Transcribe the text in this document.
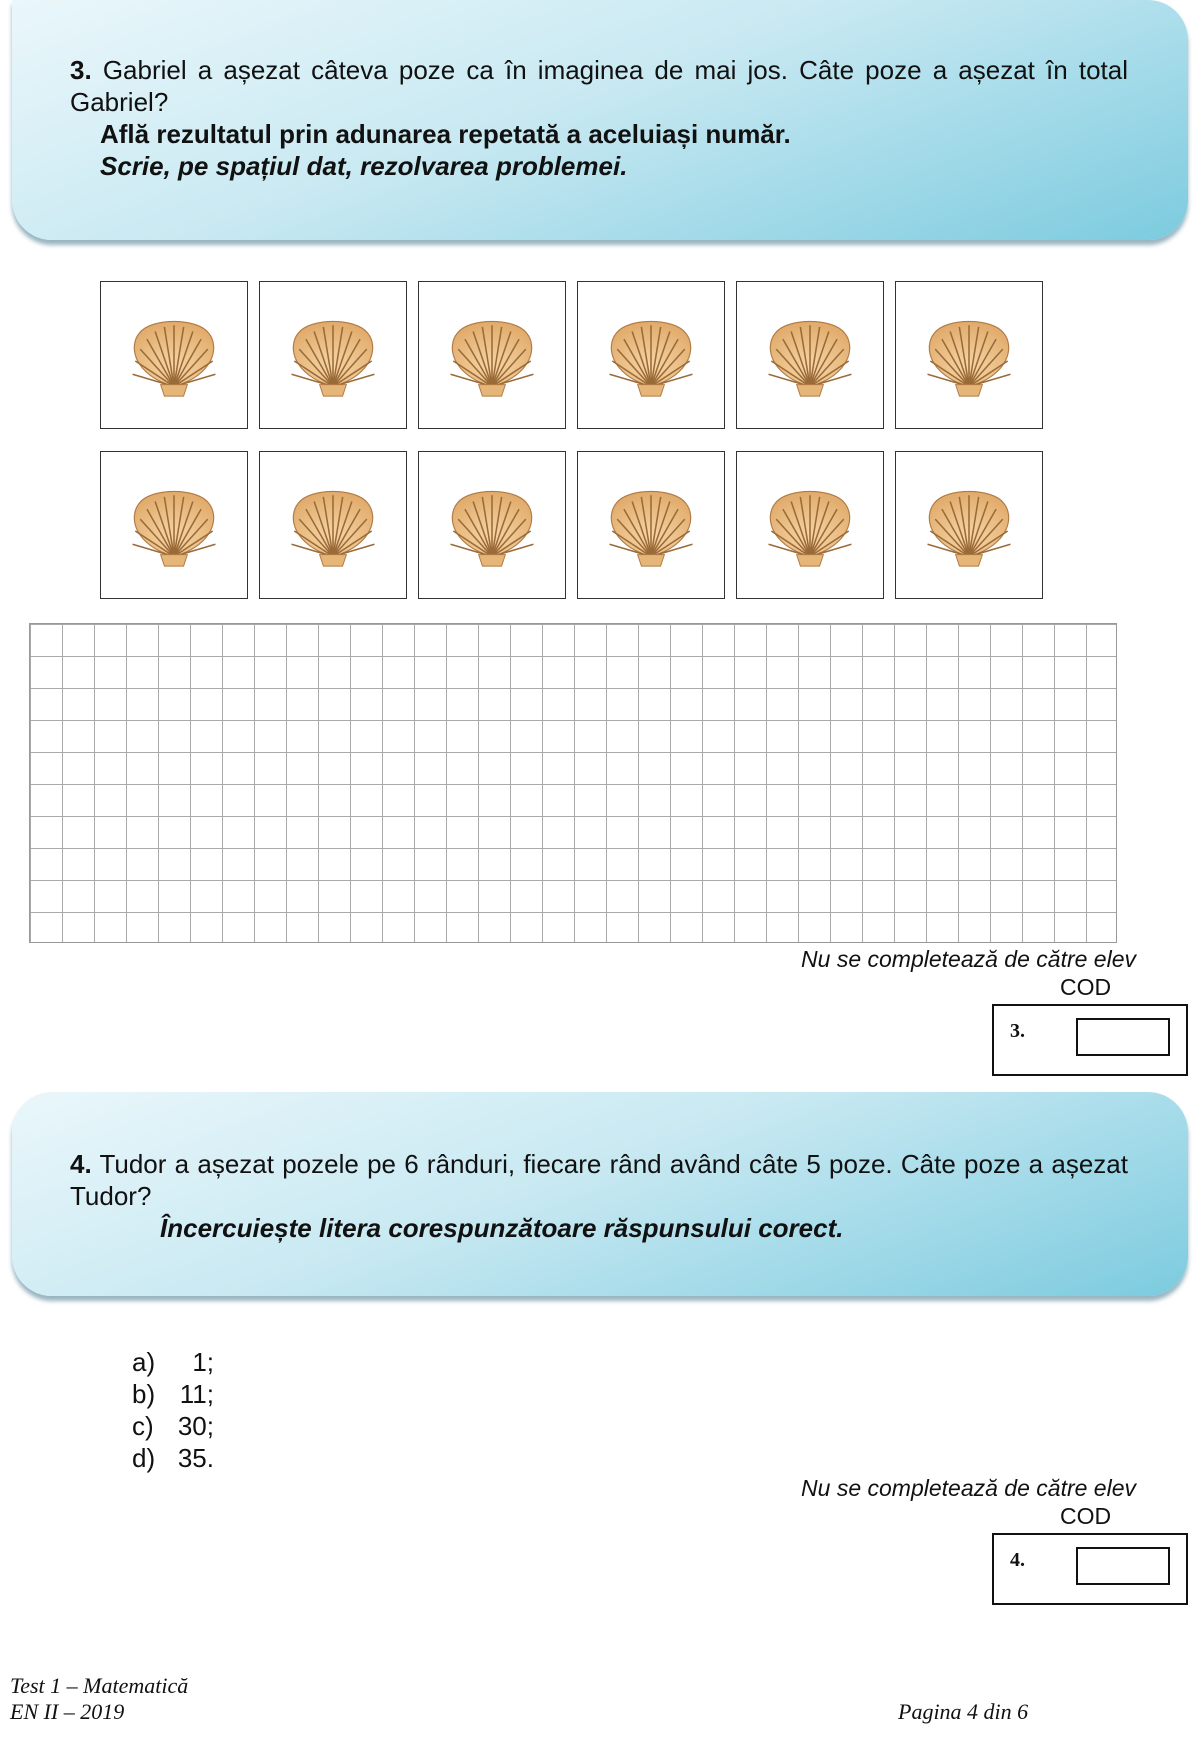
3. Gabriel a așezat câteva poze ca în imaginea de mai jos. Câte poze a așezat în total Gabriel?
Află rezultatul prin adunarea repetată a aceluiași număr.
Scrie, pe spațiul dat, rezolvarea problemei.
Nu se completează de către elev
COD
3.
4. Tudor a așezat pozele pe 6 rânduri, fiecare rând având câte 5 poze. Câte poze a așezat Tudor?
Încercuiește litera corespunzătoare răspunsului corect.
a)	1;
b) 11;
c) 30;
d) 35.
Nu se completează de către elev
COD
4.
Test 1 – Matematică
EN II – 2019	Pagina 4 din 6
